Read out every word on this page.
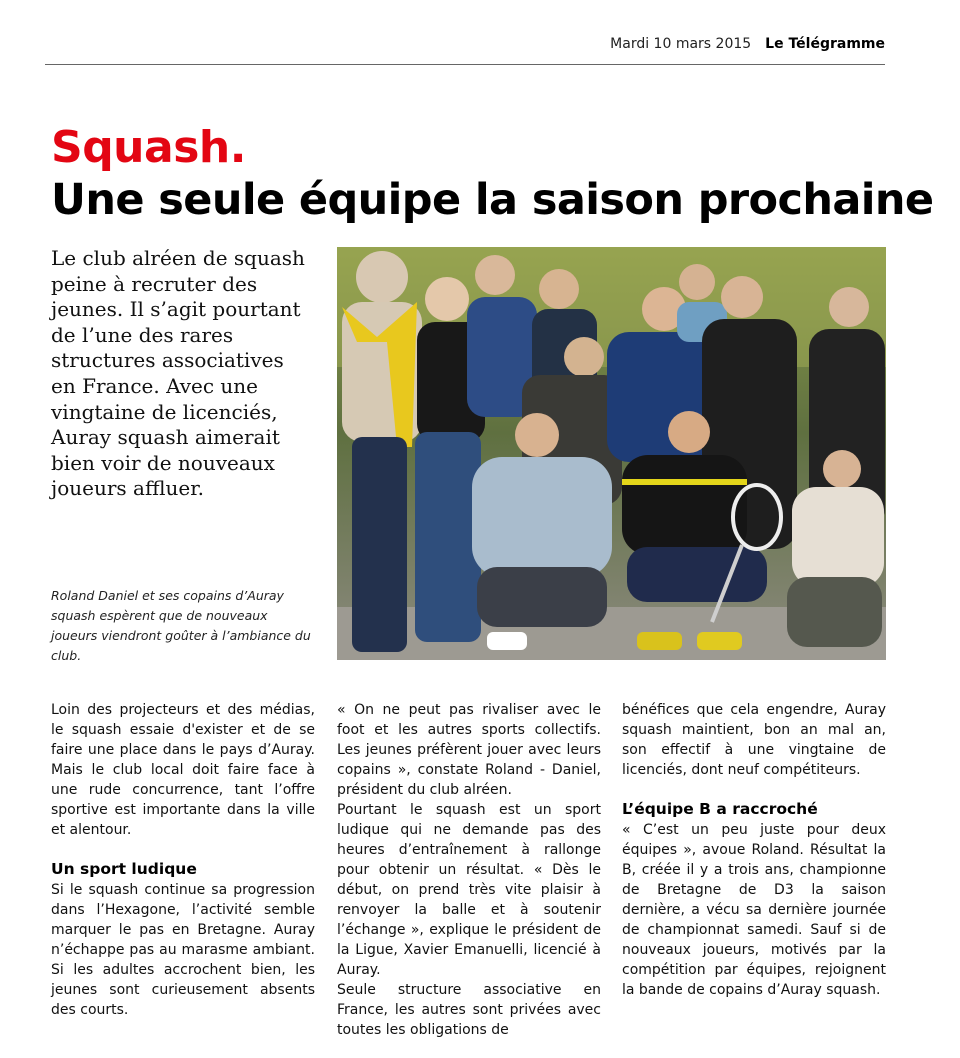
Mardi 10 mars 2015 Le Télégramme
Squash.
Une seule équipe la saison prochaine
Le club alréen de squash peine à recruter des jeunes. Il s’agit pourtant de l’une des rares structures associatives en France. Avec une vingtaine de licenciés, Auray squash aimerait bien voir de nouveaux joueurs affluer.
Roland Daniel et ses copains d’Auray squash espèrent que de nouveaux joueurs viendront goûter à l’ambiance du club.

Loin des projecteurs et des médias, le squash essaie d'exister et de se faire une place dans le pays d’Auray. Mais le club local doit faire face à une rude concurrence, tant l’offre sportive est importante dans la ville et alentour.

Un sport ludique

Si le squash continue sa progression dans l’Hexagone, l’activité semble marquer le pas en Bretagne. Auray n’échappe pas au marasme ambiant. Si les adultes accrochent bien, les jeunes sont curieusement absents des courts.

« On ne peut pas rivaliser avec le foot et les autres sports collectifs. Les jeunes préfèrent jouer avec leurs copains », constate Roland - Daniel, président du club alréen.

Pourtant le squash est un sport ludique qui ne demande pas des heures d’entraînement à rallonge pour obtenir un résultat. « Dès le début, on prend très vite plaisir à renvoyer la balle et à soutenir l’échange », explique le président de la Ligue, Xavier Emanuelli, licencié à Auray.

Seule structure associative en France, les autres sont privées avec toutes les obligations de

bénéfices que cela engendre, Auray squash maintient, bon an mal an, son effectif à une vingtaine de licenciés, dont neuf compétiteurs.

L’équipe B a raccroché

« C’est un peu juste pour deux équipes », avoue Roland. Résultat la B, créée il y a trois ans, championne de Bretagne de D3 la saison dernière, a vécu sa dernière journée de championnat samedi. Sauf si de nouveaux joueurs, motivés par la compétition par équipes, rejoignent la bande de copains d’Auray squash.
